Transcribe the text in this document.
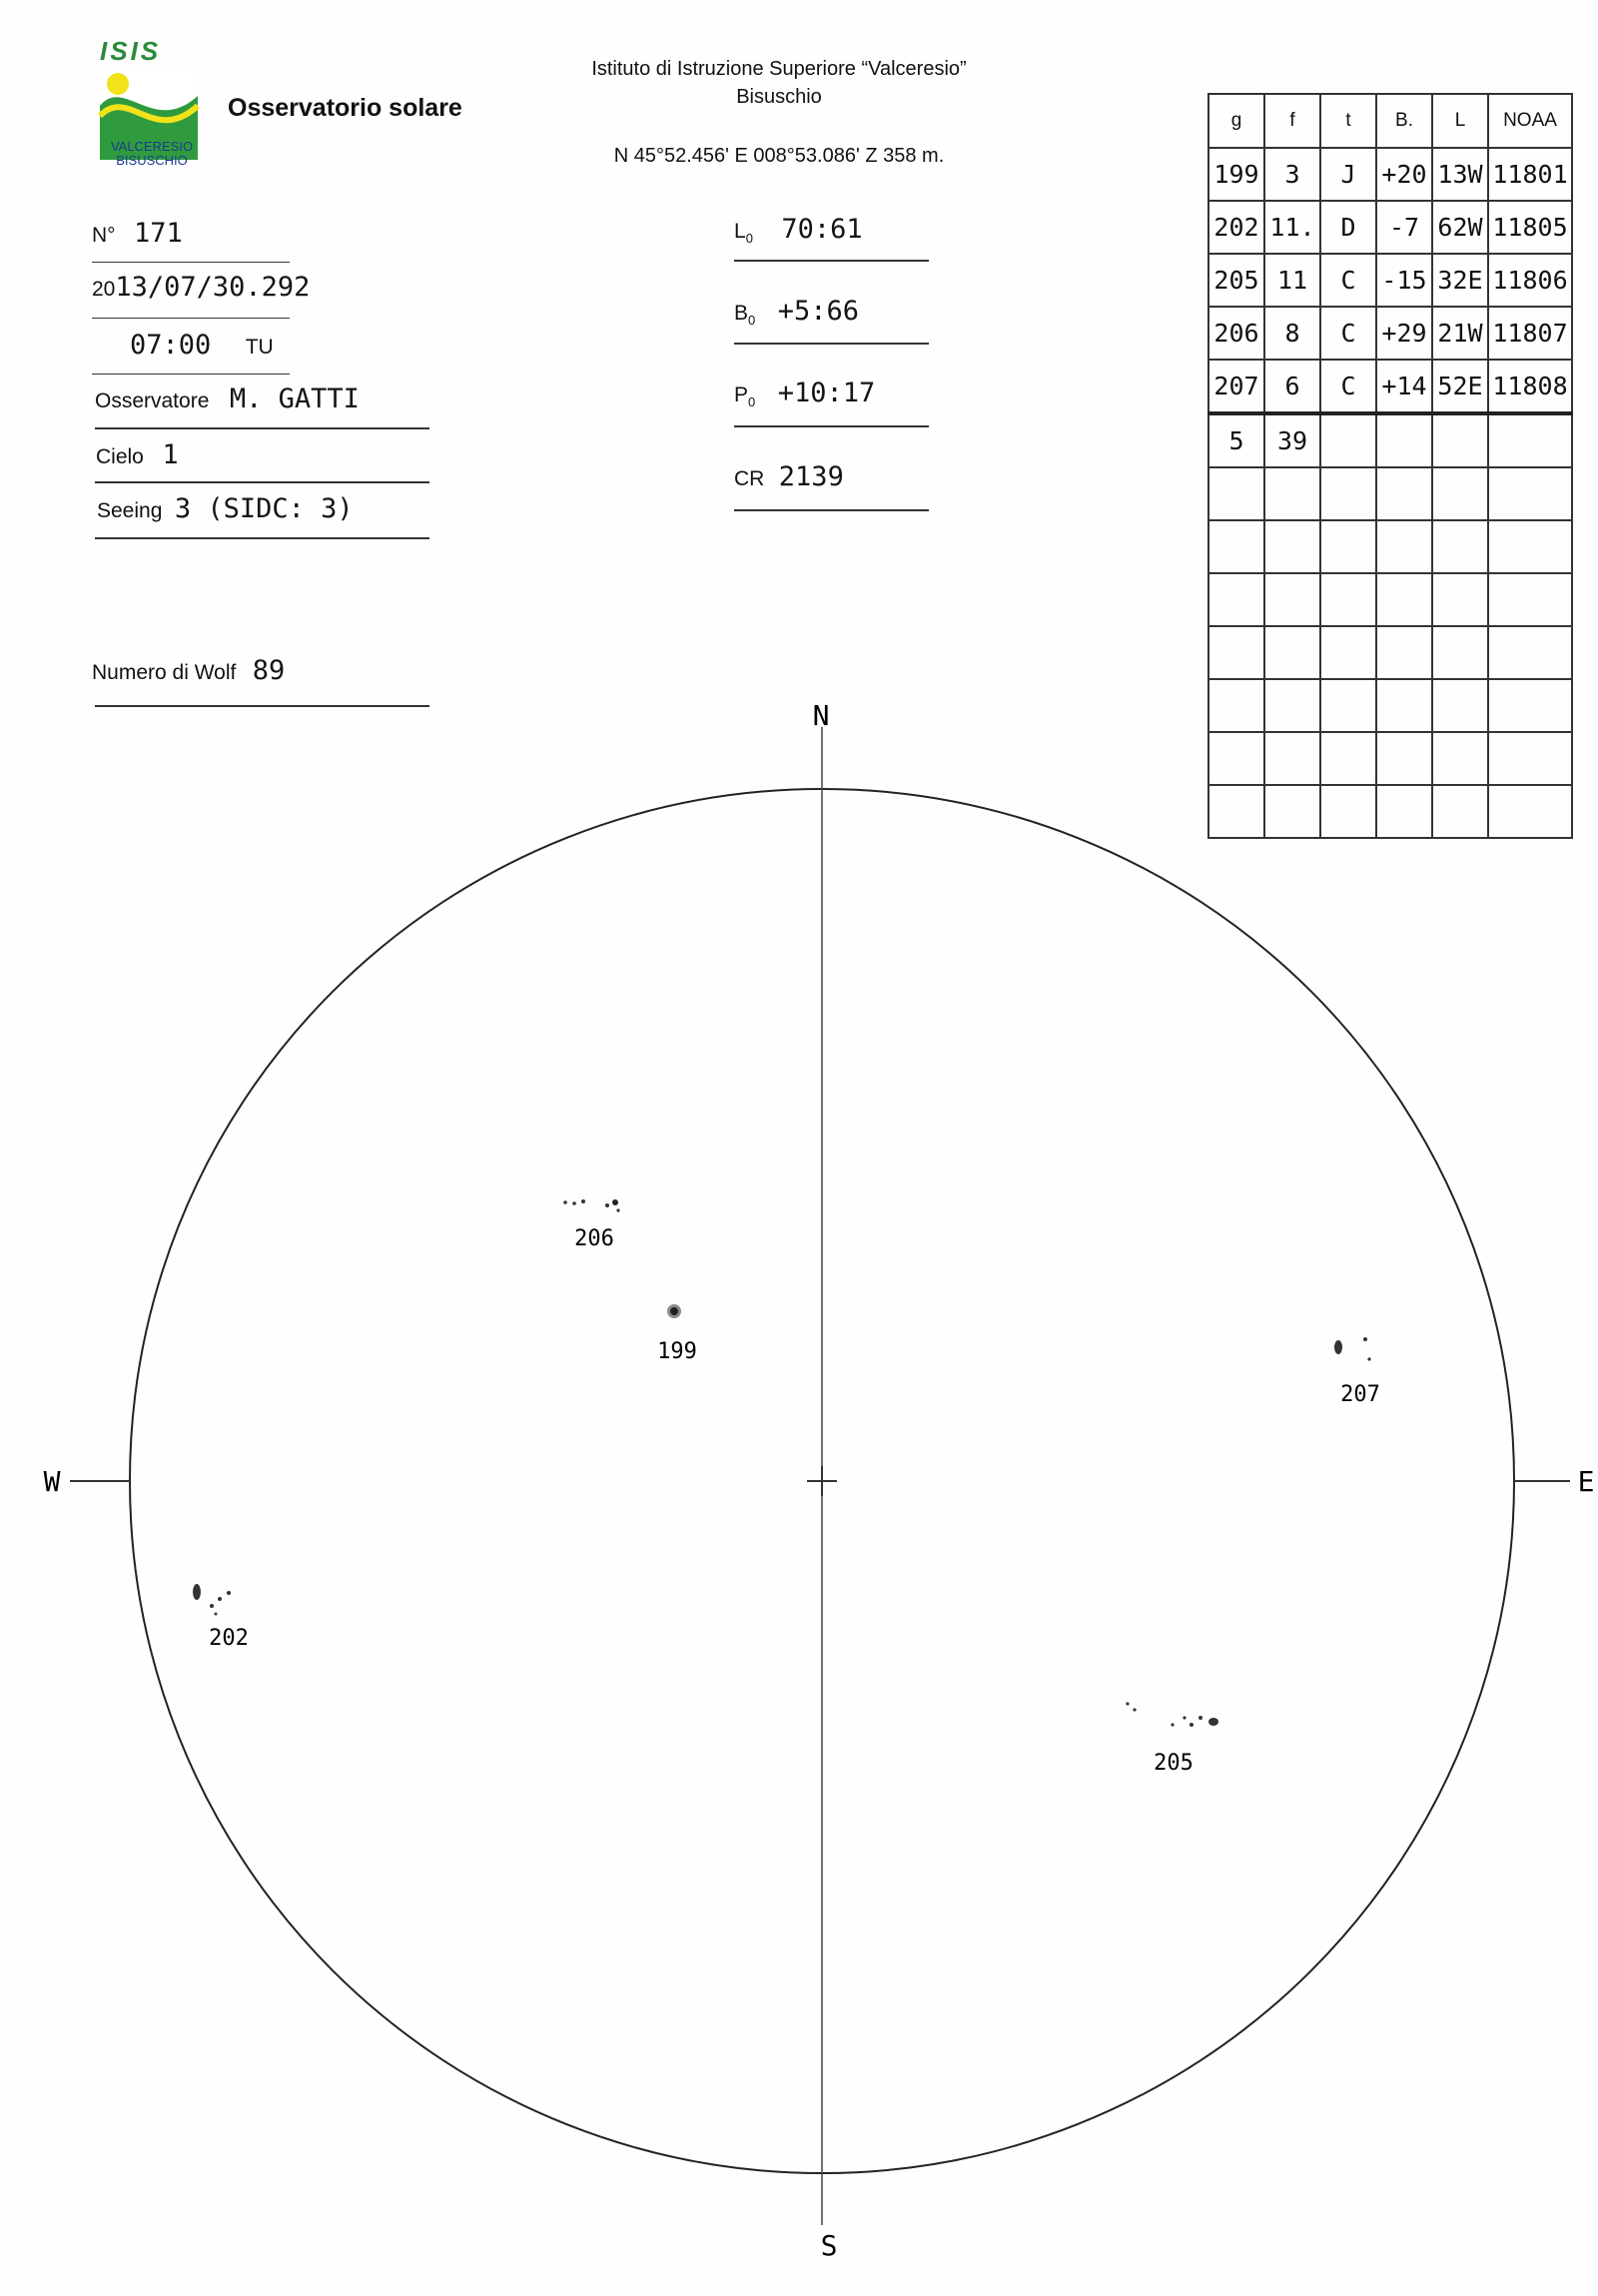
ISIS
VALCERESIO
BISUSCHIO
Osservatorio solare
Istituto di Istruzione Superiore “Valceresio”
Bisuschio
N 45°52.456' E 008°53.086' Z 358 m.
N° 171
2013/07/30.292
07:00 TU
Osservatore M. GATTI
Cielo 1
Seeing 3 (SIDC: 3)
Numero di Wolf 89
$L_0$ 70:61
$B_0$ +5:66
$P_0$ +10:17
CR 2139
g	f	t	B.	L	NOAA
199	3	J	+20	13W	11801
202	11.	D	-7	62W	11805
205	11	C	-15	32E	11806
206	8	C	+29	21W	11807
207	6	C	+14	52E	11808
5	39				

N
S
W	E
206
199
207
202
205
